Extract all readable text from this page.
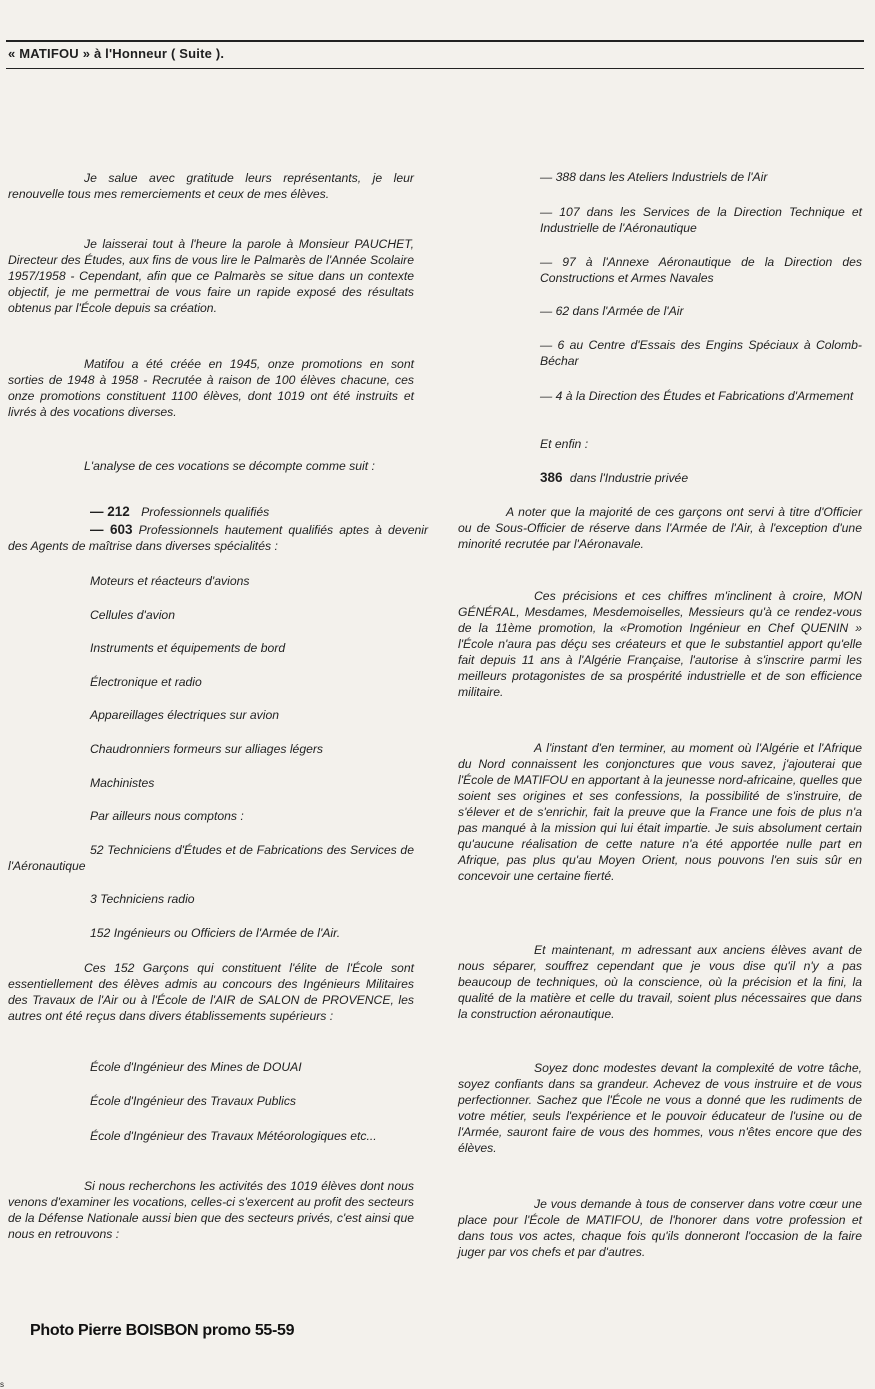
« MATIFOU » à l'Honneur ( Suite ).

Je salue avec gratitude leurs représentants, je leur renouvelle tous mes remerciements et ceux de mes élèves.

Je laisserai tout à l'heure la parole à Monsieur PAUCHET, Directeur des Études, aux fins de vous lire le Palmarès de l'Année Scolaire 1957/1958 - Cependant, afin que ce Palmarès se situe dans un contexte objectif, je me permettrai de vous faire un rapide exposé des résultats obtenus par l'École depuis sa création.

Matifou a été créée en 1945, onze promotions en sont sorties de 1948 à 1958 - Recrutée à raison de 100 élèves chacune, ces onze promotions constituent 1100 élèves, dont 1019 ont été instruits et livrés à des vocations diverses.

L'analyse de ces vocations se décompte comme suit :

— 212 Professionnels qualifiés

— 603 Professionnels hautement qualifiés aptes à devenir des Agents de maîtrise dans diverses spécialités :

Moteurs et réacteurs d'avions
Cellules d'avion
Instruments et équipements de bord
Électronique et radio
Appareillages électriques sur avion
Chaudronniers formeurs sur alliages légers
Machinistes
Par ailleurs nous comptons :

52 Techniciens d'Études et de Fabrications des Services de l'Aéronautique

3 Techniciens radio
152 Ingénieurs ou Officiers de l'Armée de l'Air.

Ces 152 Garçons qui constituent l'élite de l'École sont essentiellement des élèves admis au concours des Ingénieurs Militaires des Travaux de l'Air ou à l'École de l'AIR de SALON de PROVENCE, les autres ont été reçus dans divers établissements supérieurs :

École d'Ingénieur des Mines de DOUAI
École d'Ingénieur des Travaux Publics

École d'Ingénieur des Travaux Météorologiques etc...

Si nous recherchons les activités des 1019 élèves dont nous venons d'examiner les vocations, celles-ci s'exercent au profit des secteurs de la Défense Nationale aussi bien que des secteurs privés, c'est ainsi que nous en retrouvons :

— 388 dans les Ateliers Industriels de l'Air

— 107 dans les Services de la Direction Technique et Industrielle de l'Aéronautique

— 97 à l'Annexe Aéronautique de la Direction des Constructions et Armes Navales

— 62 dans l'Armée de l'Air

— 6 au Centre d'Essais des Engins Spéciaux à Colomb-Béchar

— 4 à la Direction des Études et Fabrications d'Armement

Et enfin :
386 dans l'Industrie privée

A noter que la majorité de ces garçons ont servi à titre d'Officier ou de Sous-Officier de réserve dans l'Armée de l'Air, à l'exception d'une minorité recrutée par l'Aéronavale.

Ces précisions et ces chiffres m'inclinent à croire, MON GÉNÉRAL, Mesdames, Mesdemoiselles, Messieurs qu'à ce rendez-vous de la 11ème promotion, la «Promotion Ingénieur en Chef QUENIN » l'École n'aura pas déçu ses créateurs et que le substantiel apport qu'elle fait depuis 11 ans à l'Algérie Française, l'autorise à s'inscrire parmi les meilleurs protagonistes de sa prospérité industrielle et de son efficience militaire.

A l'instant d'en terminer, au moment où l'Algérie et l'Afrique du Nord connaissent les conjonctures que vous savez, j'ajouterai que l'École de MATIFOU en apportant à la jeunesse nord-africaine, quelles que soient ses origines et ses confessions, la possibilité de s'instruire, de s'élever et de s'enrichir, fait la preuve que la France une fois de plus n'a pas manqué à la mission qui lui était impartie. Je suis absolument certain qu'aucune réalisation de cette nature n'a été apportée nulle part en Afrique, pas plus qu'au Moyen Orient, nous pouvons l'en suis sûr en concevoir une certaine fierté.

Et maintenant, m adressant aux anciens élèves avant de nous séparer, souffrez cependant que je vous dise qu'il n'y a pas beaucoup de techniques, où la conscience, où la précision et la fini, la qualité de la matière et celle du travail, soient plus nécessaires que dans la construction aéronautique.

Soyez donc modestes devant la complexité de votre tâche, soyez confiants dans sa grandeur. Achevez de vous instruire et de vous perfectionner. Sachez que l'École ne vous a donné que les rudiments de votre métier, seuls l'expérience et le pouvoir éducateur de l'usine ou de l'Armée, sauront faire de vous des hommes, vous n'êtes encore que des élèves.

Je vous demande à tous de conserver dans votre cœur une place pour l'École de MATIFOU, de l'honorer dans votre profession et dans tous vos actes, chaque fois qu'ils donneront l'occasion de la faire juger par vos chefs et par d'autres.

Photo Pierre BOISBON promo 55-59
s
